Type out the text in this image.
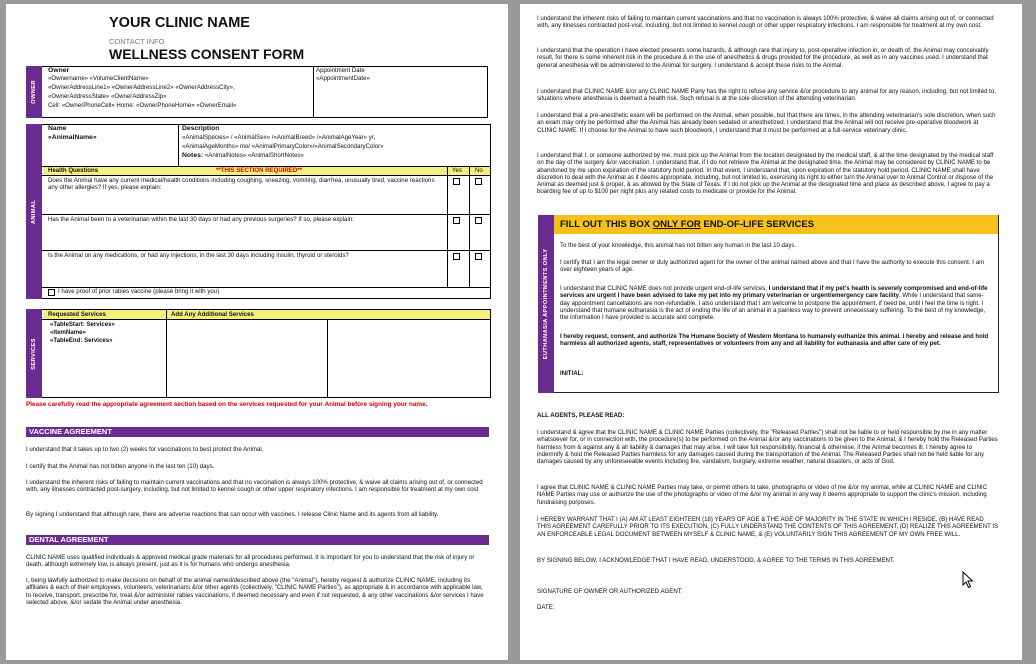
YOUR CLINIC NAME
CONTACT INFO
WELLNESS CONSENT FORM
OWNER
Owner
«Ownername» «VolumeClientName»
«OwnerAddressLine1» «OwnerAddressLine2» «OwnerAddressCity»,
«OwnerAddressState» «OwnerAddressZip»
Cell: «OwnerPhoneCell» Home: «OwnerPhoneHome» «OwnerEmail»
Appointment Date
«AppointmentDate»
ANIMAL
Name
«AnimalName»
Description
«AnimalSpecies» / «AnimalSex» /«AnimalBreed» /«AnimalAgeYear» yr,
«AnimalAgeMonths» mo/ «AnimalPrimaryColor»/«AnimalSecondaryColor»
Notes: «AnimalNotes» «AnimalShortNotes»
Health Questions	**THIS SECTION REQUIRED**	Yes No
Does the Animal have any current medical/health conditions including coughing, sneezing, vomiting, diarrhea, unusually tired, vaccine reactions any other allergies? If yes, please explain:
Has the Animal been to a veterinarian within the last 30 days or had any previous surgeries? If so, please explain:
Is the Animal on any medications, or had any injections, in the last 30 days including insulin, thyroid or steroids?
I have proof of prior rabies vaccine (please bring it with you)
SERVICES
Requested Services	Add Any Additional Services
«TableStart: Services»
«ItemName»
«TableEnd: Services»
Please carefully read the appropriate agreement section based on the services requested for your Animal before signing your name.
VACCINE AGREEMENT
I understand that it takes up to two (2) weeks for vaccinations to best protect the Animal.
I certify that the Animal has not bitten anyone in the last ten (10) days.
I understand the inherent risks of failing to maintain current vaccinations and that no vaccination is always 100% protective, & waive all claims arising out of, or connected with, any illnesses contracted post-surgery, including, but not limited to kennel cough or other upper respiratory infections. I am responsible for treatment at my own cost
By signing I understand that although rare, there are adverse reactions that can occur with vaccines. I release Clinic Name and its agents from all liability.
DENTAL AGREEMENT
CLINIC NAME uses qualified individuals & approved medical grade materials for all procedures performed. It is important for you to understand that the risk of injury or death, although extremely low, is always present, just as it is for humans who undergo anesthesia.
I, being lawfully authorized to make decisions on behalf of the animal named/described above (the "Animal"), hereby request & authorize CLINIC NAME, including its affiliates & each of their employees, volunteers, veterinarians &/or other agents (collectively, "CLINIC NAME Parties"), as appropriate & in accordance with applicable law, to receive, transport, prescribe for, treat &/or administer rabies vaccinations, if deemed necessary and even if not requested, & any other vaccinations &/or services I have selected above, &/or sedate the Animal under anesthesia.
I understand the inherent risks of failing to maintain current vaccinations and that no vaccination is always 100% protective, & waive all claims arising out of, or connected with, any illnesses contracted post-visit, including, but not limited to kennel cough or other upper respiratory infections. I am responsible for treatment at my own cost.
I understand that the operation I have elected presents some hazards, & although rare that injury to, post-operative infection in, or death of, the Animal may conceivably result, for there is some inherent risk in the procedure & in the use of anesthetics & drugs provided for the procedure, as well as in any vaccines used. I understand that general anesthesia will be administered to the Animal for surgery. I understand & accept these risks to the Animal.
I understand that CLINIC NAME &/or any CLINIC NAME Party has the right to refuse any service &/or procedure to any animal for any reason, including, but not limited to, situations where anesthesia is deemed a health risk. Such refusal is at the sole discretion of the attending veterinarian.
I understand that a pre-anesthetic exam will be performed on the Animal, when possible, but that there are times, in the attending veterinarian's sole discretion, when such an exam may only be performed after the Animal has already been sedated or anesthetized. I understand that the Animal will not receive pre-operative bloodwork at CLINIC NAME. If I choose for the Animal to have such bloodwork, I understand that it must be performed at a full-service veterinary clinic.
I understand that I, or someone authorized by me, must pick up the Animal from the location designated by the medical staff, & at the time designated by the medical staff on the day of the surgery &/or vaccination. I understand that, if I do not retrieve the Animal at the designated time, the Animal may be considered by CLINIC NAME to be abandoned by me upon expiration of the statutory hold period. In that event, I understand that, upon expiration of the statutory hold period, CLINIC NAME shall have discretion to deal with the Animal as it deems appropriate, including, but not limited to, exercising its right to either turn the Animal over to Animal Control or dispose of the Animal as deemed just & proper, & as allowed by the State of Texas. If I do not pick up the Animal at the designated time and place as described above, I agree to pay a boarding fee of up to $100 per night plus any related costs to medicate or provide for the Animal.
EUTHANASIA APPOINTMENTS ONLY
FILL OUT THIS BOX ONLY FOR END-OF-LIFE SERVICES
To the best of your knowledge, this animal has not bitten any human in the last 10 days.
I certify that I am the legal owner or duly authorized agent for the owner of the animal named above and that I have the authority to execute this consent. I am over eighteen years of age.
I understand that CLINIC NAME does not provide urgent end-of-life services. I understand that if my pet's health is severely compromised and end-of-life services are urgent I have been advised to take my pet into my primary veterinarian or urgent/emergency care facility. While I understand that same-day appointment cancellations are non-refundable, I also understand that I am welcome to postpone the appointment, if need be, until I feel the time is right. I understand that humane euthanasia is the act of ending the life of an animal in a painless way to prevent unnecessary suffering. To the best of my knowledge, the information I have provided is accurate and complete.
I hereby request, consent, and authorize The Humane Society of Western Montana to humanely euthanize this animal. I hereby and release and hold harmless all authorized agents, staff, representatives or volunteers from any and all liability for euthanasia and after care of my pet.
INITIAL:
ALL AGENTS, PLEASE READ:
I understand & agree that the CLINIC NAME & CLINIC NAME Parties (collectively, the "Released Parties") shall not be liable to or held responsible by me in any matter whatsoever for, or in connection with, the procedure(s) to be performed on the Animal &/or any vaccinations to be given to the Animal, & I hereby hold the Released Parties harmless from & against any & all liability & damages that may arise. I will take full responsibility, financial & otherwise, if the Animal becomes ill. I hereby agree to indemnify & hold the Released Parties harmless for any damages caused during the transportation of the Animal. The Released Parties shall not be held liable for any damages caused by any unforeseeable events including fire, vandalism, burglary, extreme weather, natural disasters, or acts of God.
I agree that CLINIC NAME & CLINIC NAME Parties may take, or permit others to take, photographs or video of me &/or my animal, while at CLINIC NAME and CLINIC NAME Parties may use or authorize the use of the photographs or video of me &/or my animal in any way it deems appropriate to support the clinic's mission, including fundraising purposes.
I HEREBY WARRANT THAT I (A) AM AT LEAST EIGHTEEN (18) YEARS OF AGE & THE AGE OF MAJORITY IN THE STATE IN WHICH I RESIDE, (B) HAVE READ THIS AGREEMENT CAREFULLY PRIOR TO ITS EXECUTION, (C) FULLY UNDERSTAND THE CONTENTS OF THIS AGREEMENT, (D) REALIZE THIS AGREEMENT IS AN ENFORCEABLE LEGAL DOCUMENT BETWEEN MYSELF & CLINIC NAME, & (E) VOLUNTARILY SIGN THIS AGREEMENT OF MY OWN FREE WILL.
BY SIGNING BELOW, I ACKNOWLEDGE THAT I HAVE READ, UNDERSTOOD, & AGREE TO THE TERMS IN THIS AGREEMENT.
SIGNATURE OF OWNER OR AUTHORIZED AGENT:
DATE:
